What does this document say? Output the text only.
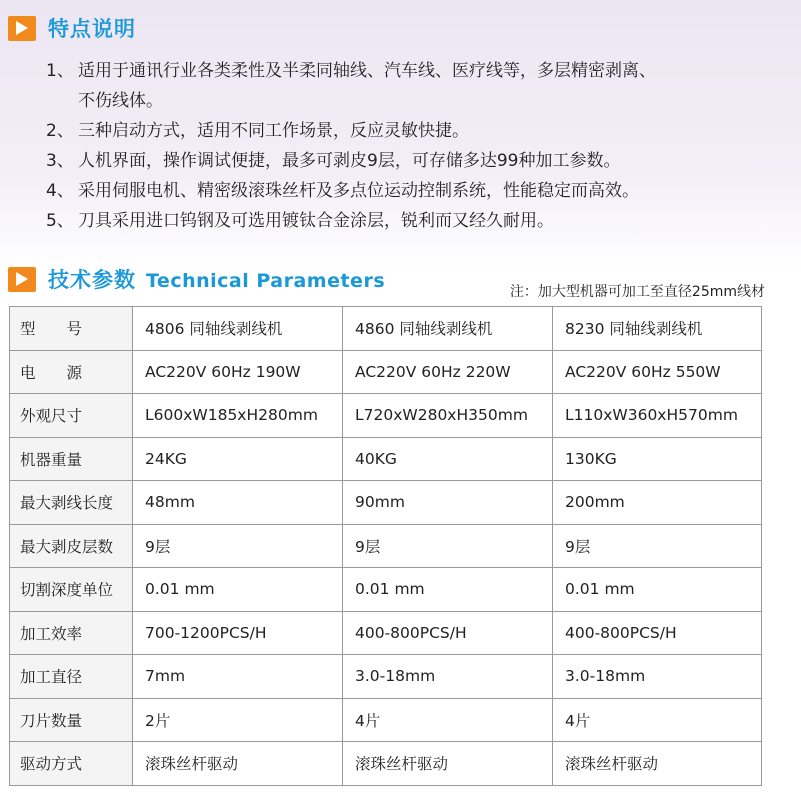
特点说明
1、 适用于通讯行业各类柔性及半柔同轴线、汽车线、医疗线等，多层精密剥离、
不伤线体。
2、 三种启动方式，适用不同工作场景，反应灵敏快捷。
3、 人机界面，操作调试便捷，最多可剥皮9层，可存储多达99种加工参数。
4、 采用伺服电机、精密级滚珠丝杆及多点位运动控制系统，性能稳定而高效。
5、 刀具采用进口钨钢及可选用镀钛合金涂层，锐利而又经久耐用。
技术参数 Technical Parameters	注：加大型机器可加工至直径25mm线材
型　　号	4806 同轴线剥线机	4860 同轴线剥线机	8230 同轴线剥线机
电　　源	AC220V 60Hz 190W	AC220V 60Hz 220W	AC220V 60Hz 550W
外观尺寸	L600xW185xH280mm	L720xW280xH350mm	L110xW360xH570mm
机器重量	24KG	40KG	130KG
最大剥线长度	48mm	90mm	200mm
最大剥皮层数	9层	9层	9层
切割深度单位	0.01 mm	0.01 mm	0.01 mm
加工效率	700-1200PCS/H	400-800PCS/H	400-800PCS/H
加工直径	7mm	3.0-18mm	3.0-18mm
刀片数量	2片	4片	4片
驱动方式	滚珠丝杆驱动	滚珠丝杆驱动	滚珠丝杆驱动
